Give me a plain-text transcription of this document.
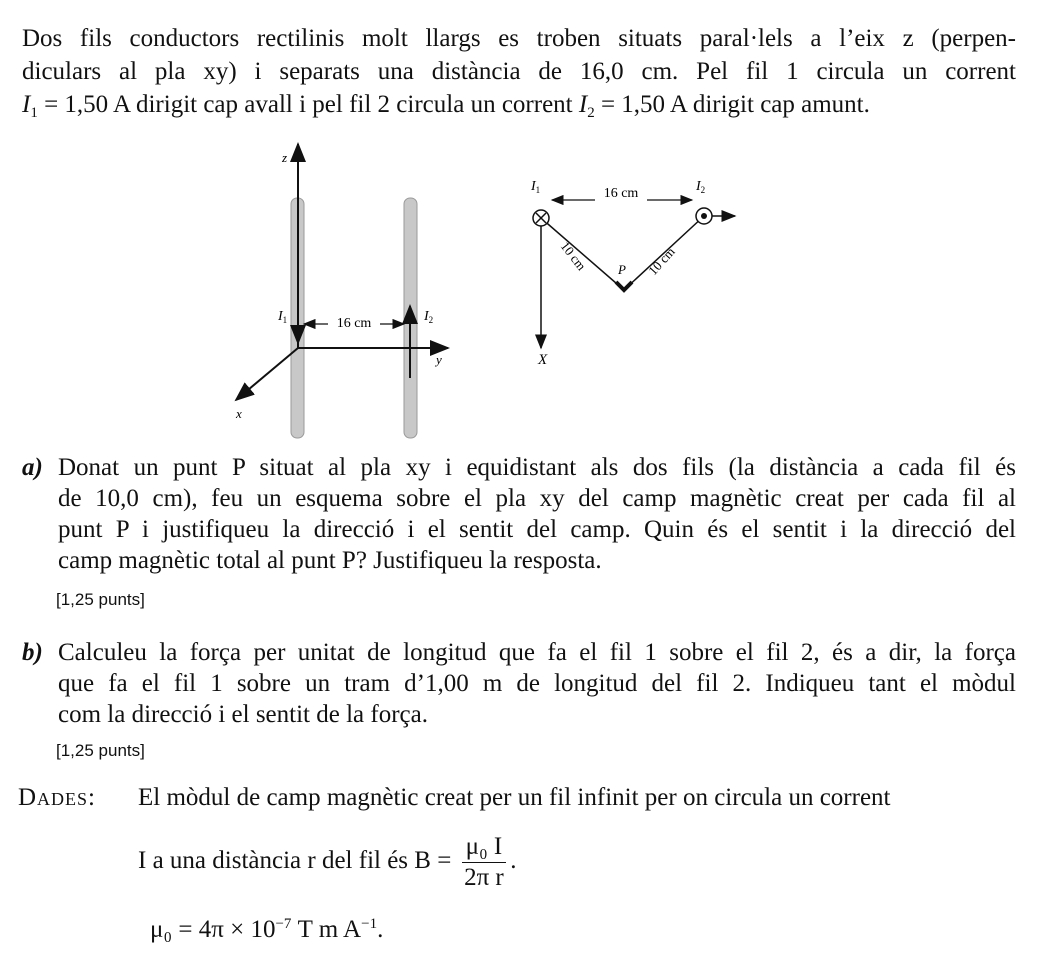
Dos fils conductors rectilinis molt llargs es troben situats paral·lels a l’eix z (perpen-
diculars al pla xy) i separats una distància de 16,0 cm. Pel fil 1 circula un corrent
$I_1 = 1,50$ A dirigit cap avall i pel fil 2 circula un corrent $I_2 = 1,50$ A dirigit cap amunt.
16 cm
z
x
y
$I_1$	$I_2$
16 cm
$I_1$	$I_2$
10 cm	10 cm
P
X
a) Donat un punt P situat al pla xy i equidistant als dos fils (la distància a cada fil és
de 10,0 cm), feu un esquema sobre el pla xy del camp magnètic creat per cada fil al
punt P i justifiqueu la direcció i el sentit del camp. Quin és el sentit i la direcció del
camp magnètic total al punt P? Justifiqueu la resposta.
[1,25 punts]
b) Calculeu la força per unitat de longitud que fa el fil 1 sobre el fil 2, és a dir, la força
que fa el fil 1 sobre un tram d’1,00 m de longitud del fil 2. Indiqueu tant el mòdul
com la direcció i el sentit de la força.
[1,25 punts]
Dades: El mòdul de camp magnètic creat per un fil infinit per on circula un corrent
I a una distància r del fil és $B = \frac{\text{μ₀ I}}{\text{2π r}}$ .
$\mu_0 = 4\pi \times 10^{-7}$ T m $A^{-1}$.
